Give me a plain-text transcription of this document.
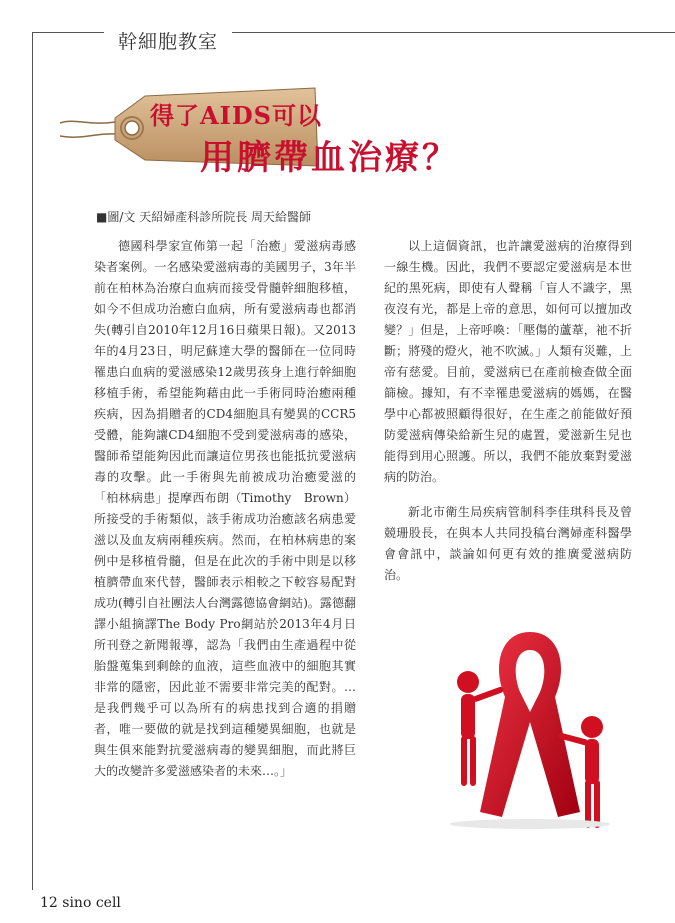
幹細胞教室
得了AIDS可以
用臍帶血治療？
■圖/文 天紹婦產科診所院長 周天給醫師

德國科學家宣佈第一起「治癒」愛滋病毒感染者案例。一名感染愛滋病毒的美國男子，3年半前在柏林為治療白血病而接受骨髓幹細胞移植，如今不但成功治癒白血病，所有愛滋病毒也都消失(轉引自2010年12月16日蘋果日報)。又2013年的4月23日，明尼蘇達大學的醫師在一位同時罹患白血病的愛滋感染12歲男孩身上進行幹細胞移植手術，希望能夠藉由此一手術同時治癒兩種疾病，因為捐贈者的CD4細胞具有變異的CCR5受體，能夠讓CD4細胞不受到愛滋病毒的感染，醫師希望能夠因此而讓這位男孩也能抵抗愛滋病毒的攻擊。此一手術與先前被成功治癒愛滋的「柏林病患」提摩西布朗（Timothy　Brown）所接受的手術類似，該手術成功治癒該名病患愛滋以及血友病兩種疾病。然而，在柏林病患的案例中是移植骨髓，但是在此次的手術中則是以移植臍帶血來代替，醫師表示相較之下較容易配對成功(轉引自社團法人台灣露德協會網站)。露德翻譯小組摘譯The Body Pro網站於2013年4月日所刊登之新聞報導，認為「我們由生產過程中從胎盤蒐集到剩餘的血液，這些血液中的細胞其實非常的隱密，因此並不需要非常完美的配對。…是我們幾乎可以為所有的病患找到合適的捐贈者，唯一要做的就是找到這種變異細胞，也就是與生俱來能對抗愛滋病毒的變異細胞，而此將巨大的改變許多愛滋感染者的未來…。」

以上這個資訊，也許讓愛滋病的治療得到一線生機。因此，我們不要認定愛滋病是本世紀的黑死病，即使有人聲稱「盲人不識字，黑夜沒有光，都是上帝的意思，如何可以擅加改變？」但是，上帝呼喚：「壓傷的蘆葦，祂不折斷；將殘的燈火，祂不吹滅。」人類有災難，上帝有慈愛。目前，愛滋病已在產前檢查做全面篩檢。據知，有不幸罹患愛滋病的媽媽，在醫學中心都被照顧得很好，在生產之前能做好預防愛滋病傳染給新生兒的處置，愛滋新生兒也能得到用心照護。所以，我們不能放棄對愛滋病的防治。

新北市衛生局疾病管制科李佳琪科長及曾競珊股長，在與本人共同投稿台灣婦產科醫學會會訊中，談論如何更有效的推廣愛滋病防治。

12 sino cell
